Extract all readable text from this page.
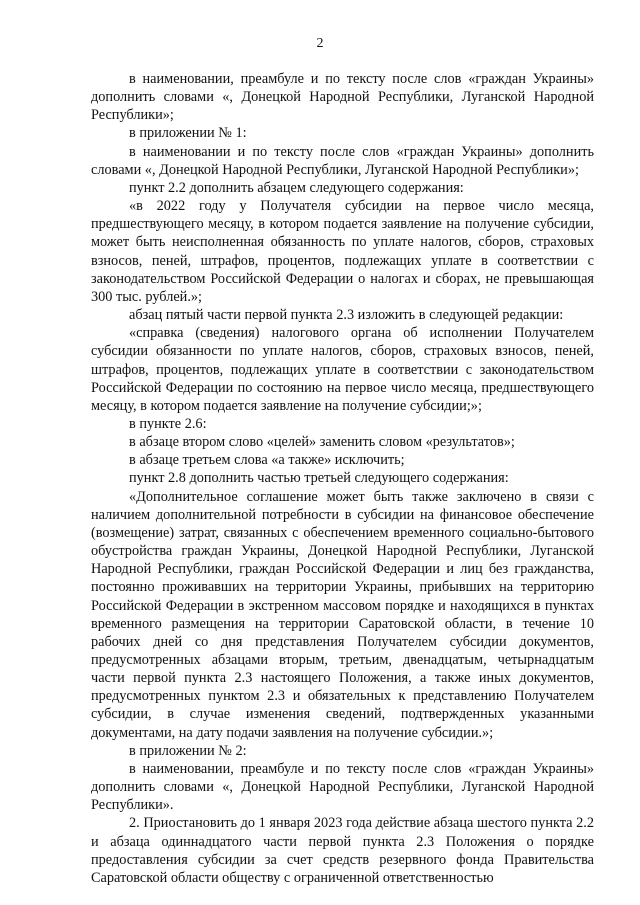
2

в наименовании, преамбуле и по тексту после слов «граждан Украины» дополнить словами «, Донецкой Народной Республики, Луганской Народной Республики»;

в приложении № 1:

в наименовании и по тексту после слов «граждан Украины» дополнить словами «, Донецкой Народной Республики, Луганской Народной Республики»;

пункт 2.2 дополнить абзацем следующего содержания:

«в 2022 году у Получателя субсидии на первое число месяца, предшествующего месяцу, в котором подается заявление на получение субсидии, может быть неисполненная обязанность по уплате налогов, сборов, страховых взносов, пеней, штрафов, процентов, подлежащих уплате в соответствии с законодательством Российской Федерации о налогах и сборах, не превышающая 300 тыс. рублей.»;

абзац пятый части первой пункта 2.3 изложить в следующей редакции:

«справка (сведения) налогового органа об исполнении Получателем субсидии обязанности по уплате налогов, сборов, страховых взносов, пеней, штрафов, процентов, подлежащих уплате в соответствии с законодательством Российской Федерации по состоянию на первое число месяца, предшествующего месяцу, в котором подается заявление на получение субсидии;»;

в пункте 2.6:

в абзаце втором слово «целей» заменить словом «результатов»;

в абзаце третьем слова «а также» исключить;

пункт 2.8 дополнить частью третьей следующего содержания:

«Дополнительное соглашение может быть также заключено в связи с наличием дополнительной потребности в субсидии на финансовое обеспечение (возмещение) затрат, связанных с обеспечением временного социально-бытового обустройства граждан Украины, Донецкой Народной Республики, Луганской Народной Республики, граждан Российской Федерации и лиц без гражданства, постоянно проживавших на территории Украины, прибывших на территорию Российской Федерации в экстренном массовом порядке и находящихся в пунктах временного размещения на территории Саратовской области, в течение 10 рабочих дней со дня представления Получателем субсидии документов, предусмотренных абзацами вторым, третьим, двенадцатым, четырнадцатым части первой пункта 2.3 настоящего Положения, а также иных документов, предусмотренных пунктом 2.3 и обязательных к представлению Получателем субсидии, в случае изменения сведений, подтвержденных указанными документами, на дату подачи заявления на получение субсидии.»;

в приложении № 2:

в наименовании, преамбуле и по тексту после слов «граждан Украины» дополнить словами «, Донецкой Народной Республики, Луганской Народной Республики».

2. Приостановить до 1 января 2023 года действие абзаца шестого пункта 2.2 и абзаца одиннадцатого части первой пункта 2.3 Положения о порядке предоставления субсидии за счет средств резервного фонда Правительства Саратовской области обществу с ограниченной ответственностью
